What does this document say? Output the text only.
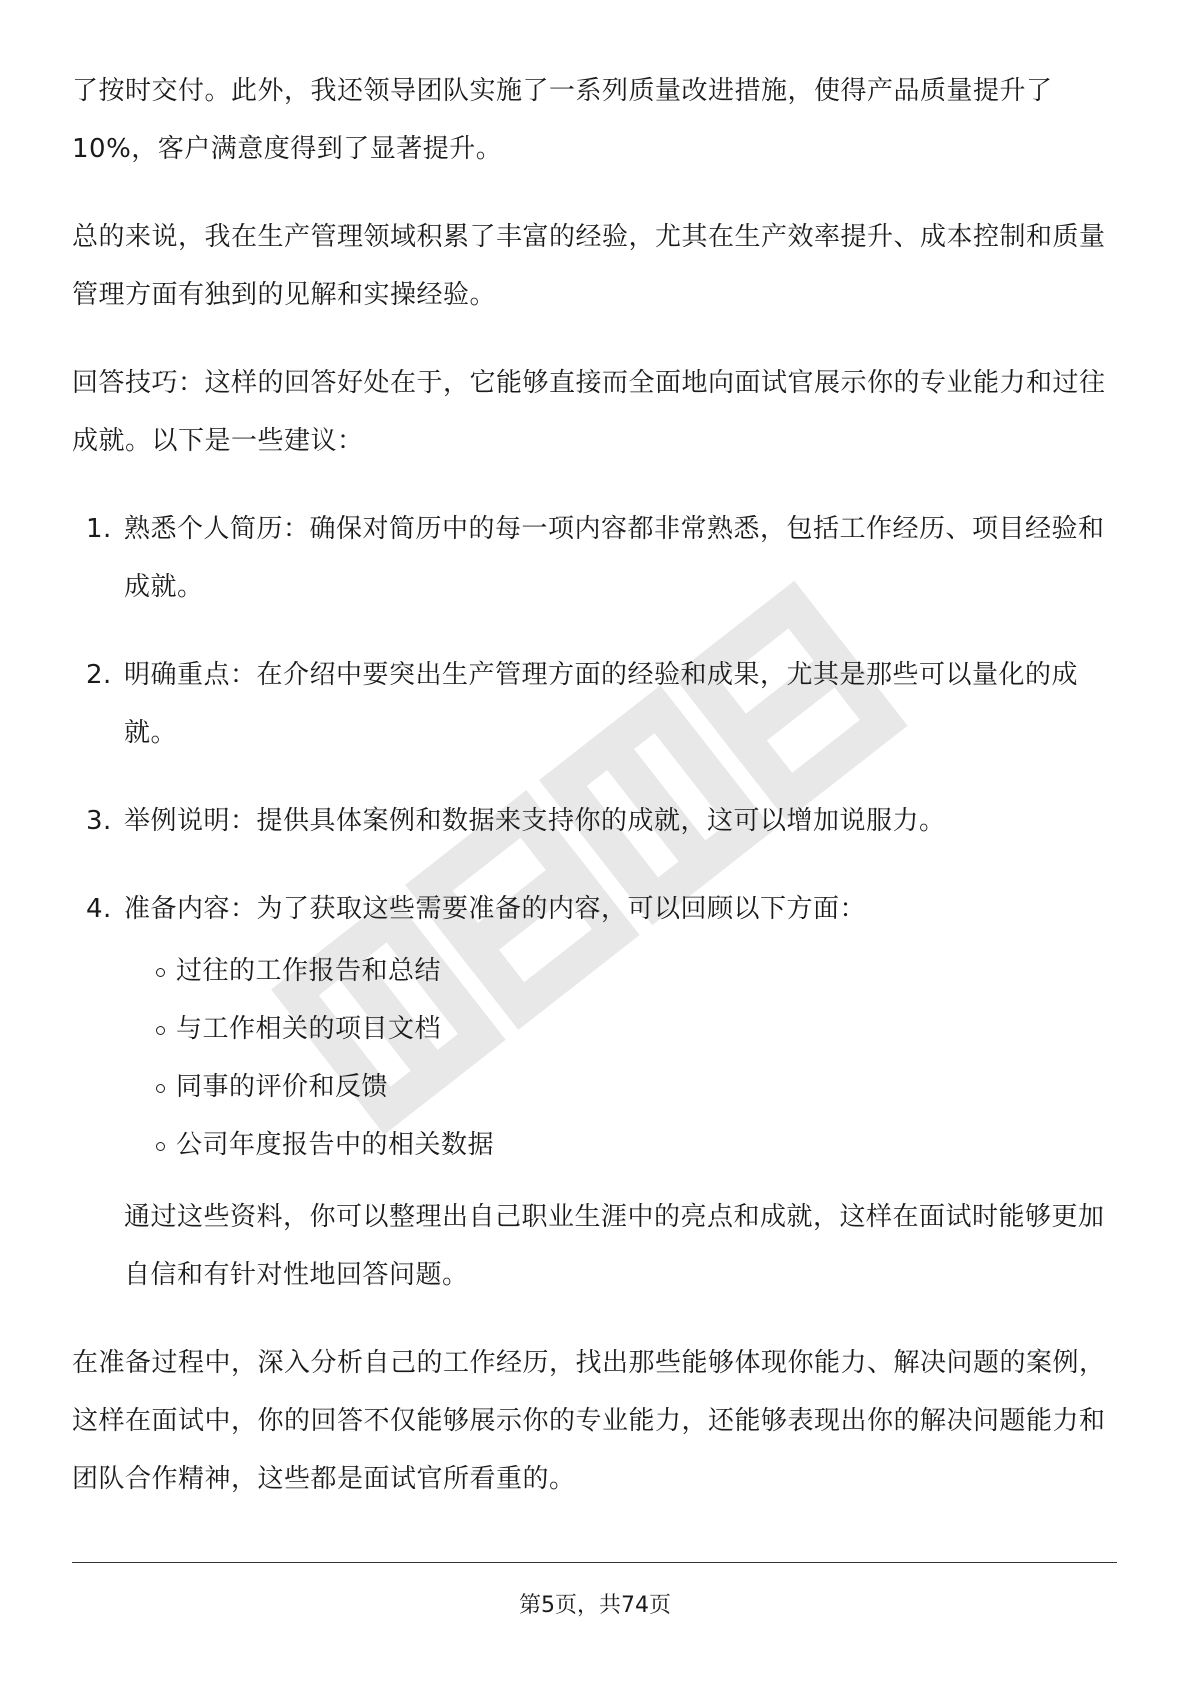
了按时交付。此外，我还领导团队实施了一系列质量改进措施，使得产品质量提升了10%，客户满意度得到了显著提升。

总的来说，我在生产管理领域积累了丰富的经验，尤其在生产效率提升、成本控制和质量管理方面有独到的见解和实操经验。

回答技巧：这样的回答好处在于，它能够直接而全面地向面试官展示你的专业能力和过往成就。以下是一些建议：

1. 熟悉个人简历：确保对简历中的每一项内容都非常熟悉，包括工作经历、项目经验和成就。
2. 明确重点：在介绍中要突出生产管理方面的经验和成果，尤其是那些可以量化的成就。
3. 举例说明：提供具体案例和数据来支持你的成就，这可以增加说服力。
4. 准备内容：为了获取这些需要准备的内容，可以回顾以下方面：
过往的工作报告和总结
与工作相关的项目文档
同事的评价和反馈
公司年度报告中的相关数据

通过这些资料，你可以整理出自己职业生涯中的亮点和成就，这样在面试时能够更加自信和有针对性地回答问题。

在准备过程中，深入分析自己的工作经历，找出那些能够体现你能力、解决问题的案例，这样在面试中，你的回答不仅能够展示你的专业能力，还能够表现出你的解决问题能力和团队合作精神，这些都是面试官所看重的。

第5页，共74页
